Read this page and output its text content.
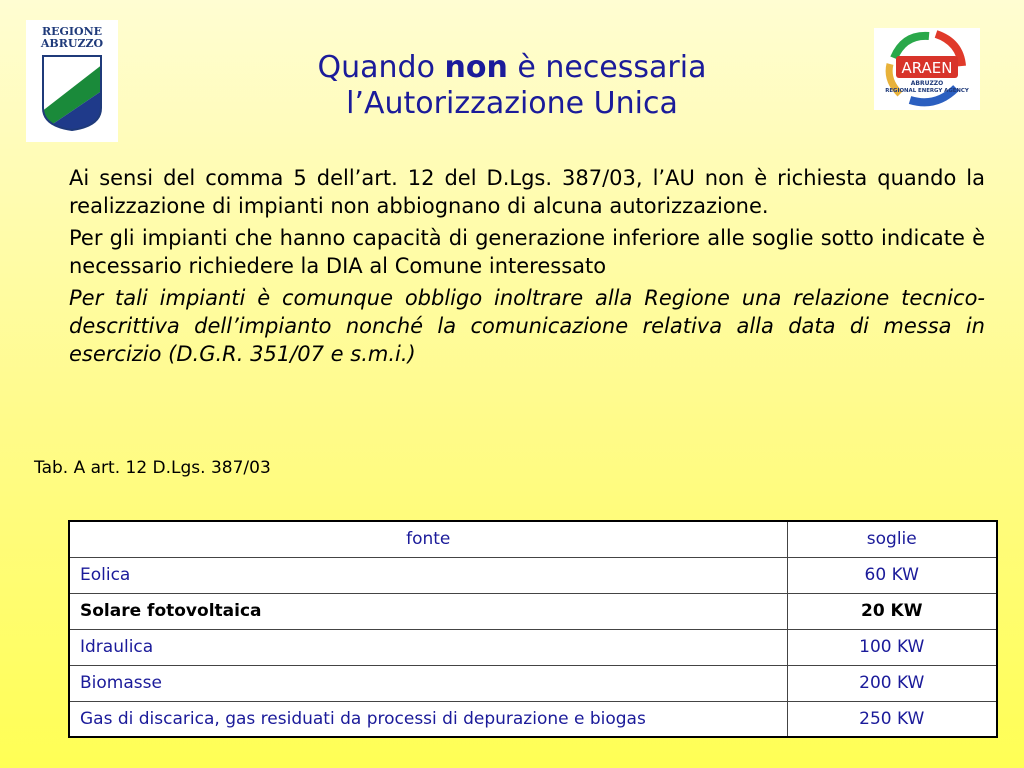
REGIONE
ABRUZZO
ARAEN
ABRUZZO
REGIONAL ENERGY AGENCY
Quando non è necessaria
l’Autorizzazione Unica

Ai sensi del comma 5 dell’art. 12 del D.Lgs. 387/03, l’AU non è richiesta quando la realizzazione di impianti non abbiognano di alcuna autorizzazione.

Per gli impianti che hanno capacità di generazione inferiore alle soglie sotto indicate è necessario richiedere la DIA al Comune interessato

Per tali impianti è comunque obbligo inoltrare alla Regione una relazione tecnico-descrittiva dell’impianto nonché la comunicazione relativa alla data di messa in esercizio (D.G.R. 351/07 e s.m.i.)

Tab. A art. 12 D.Lgs. 387/03
fonte	soglie
Eolica	60 KW
Solare fotovoltaica	20 KW
Idraulica	100 KW
Biomasse	200 KW
Gas di discarica, gas residuati da processi di depurazione e biogas	250 KW
